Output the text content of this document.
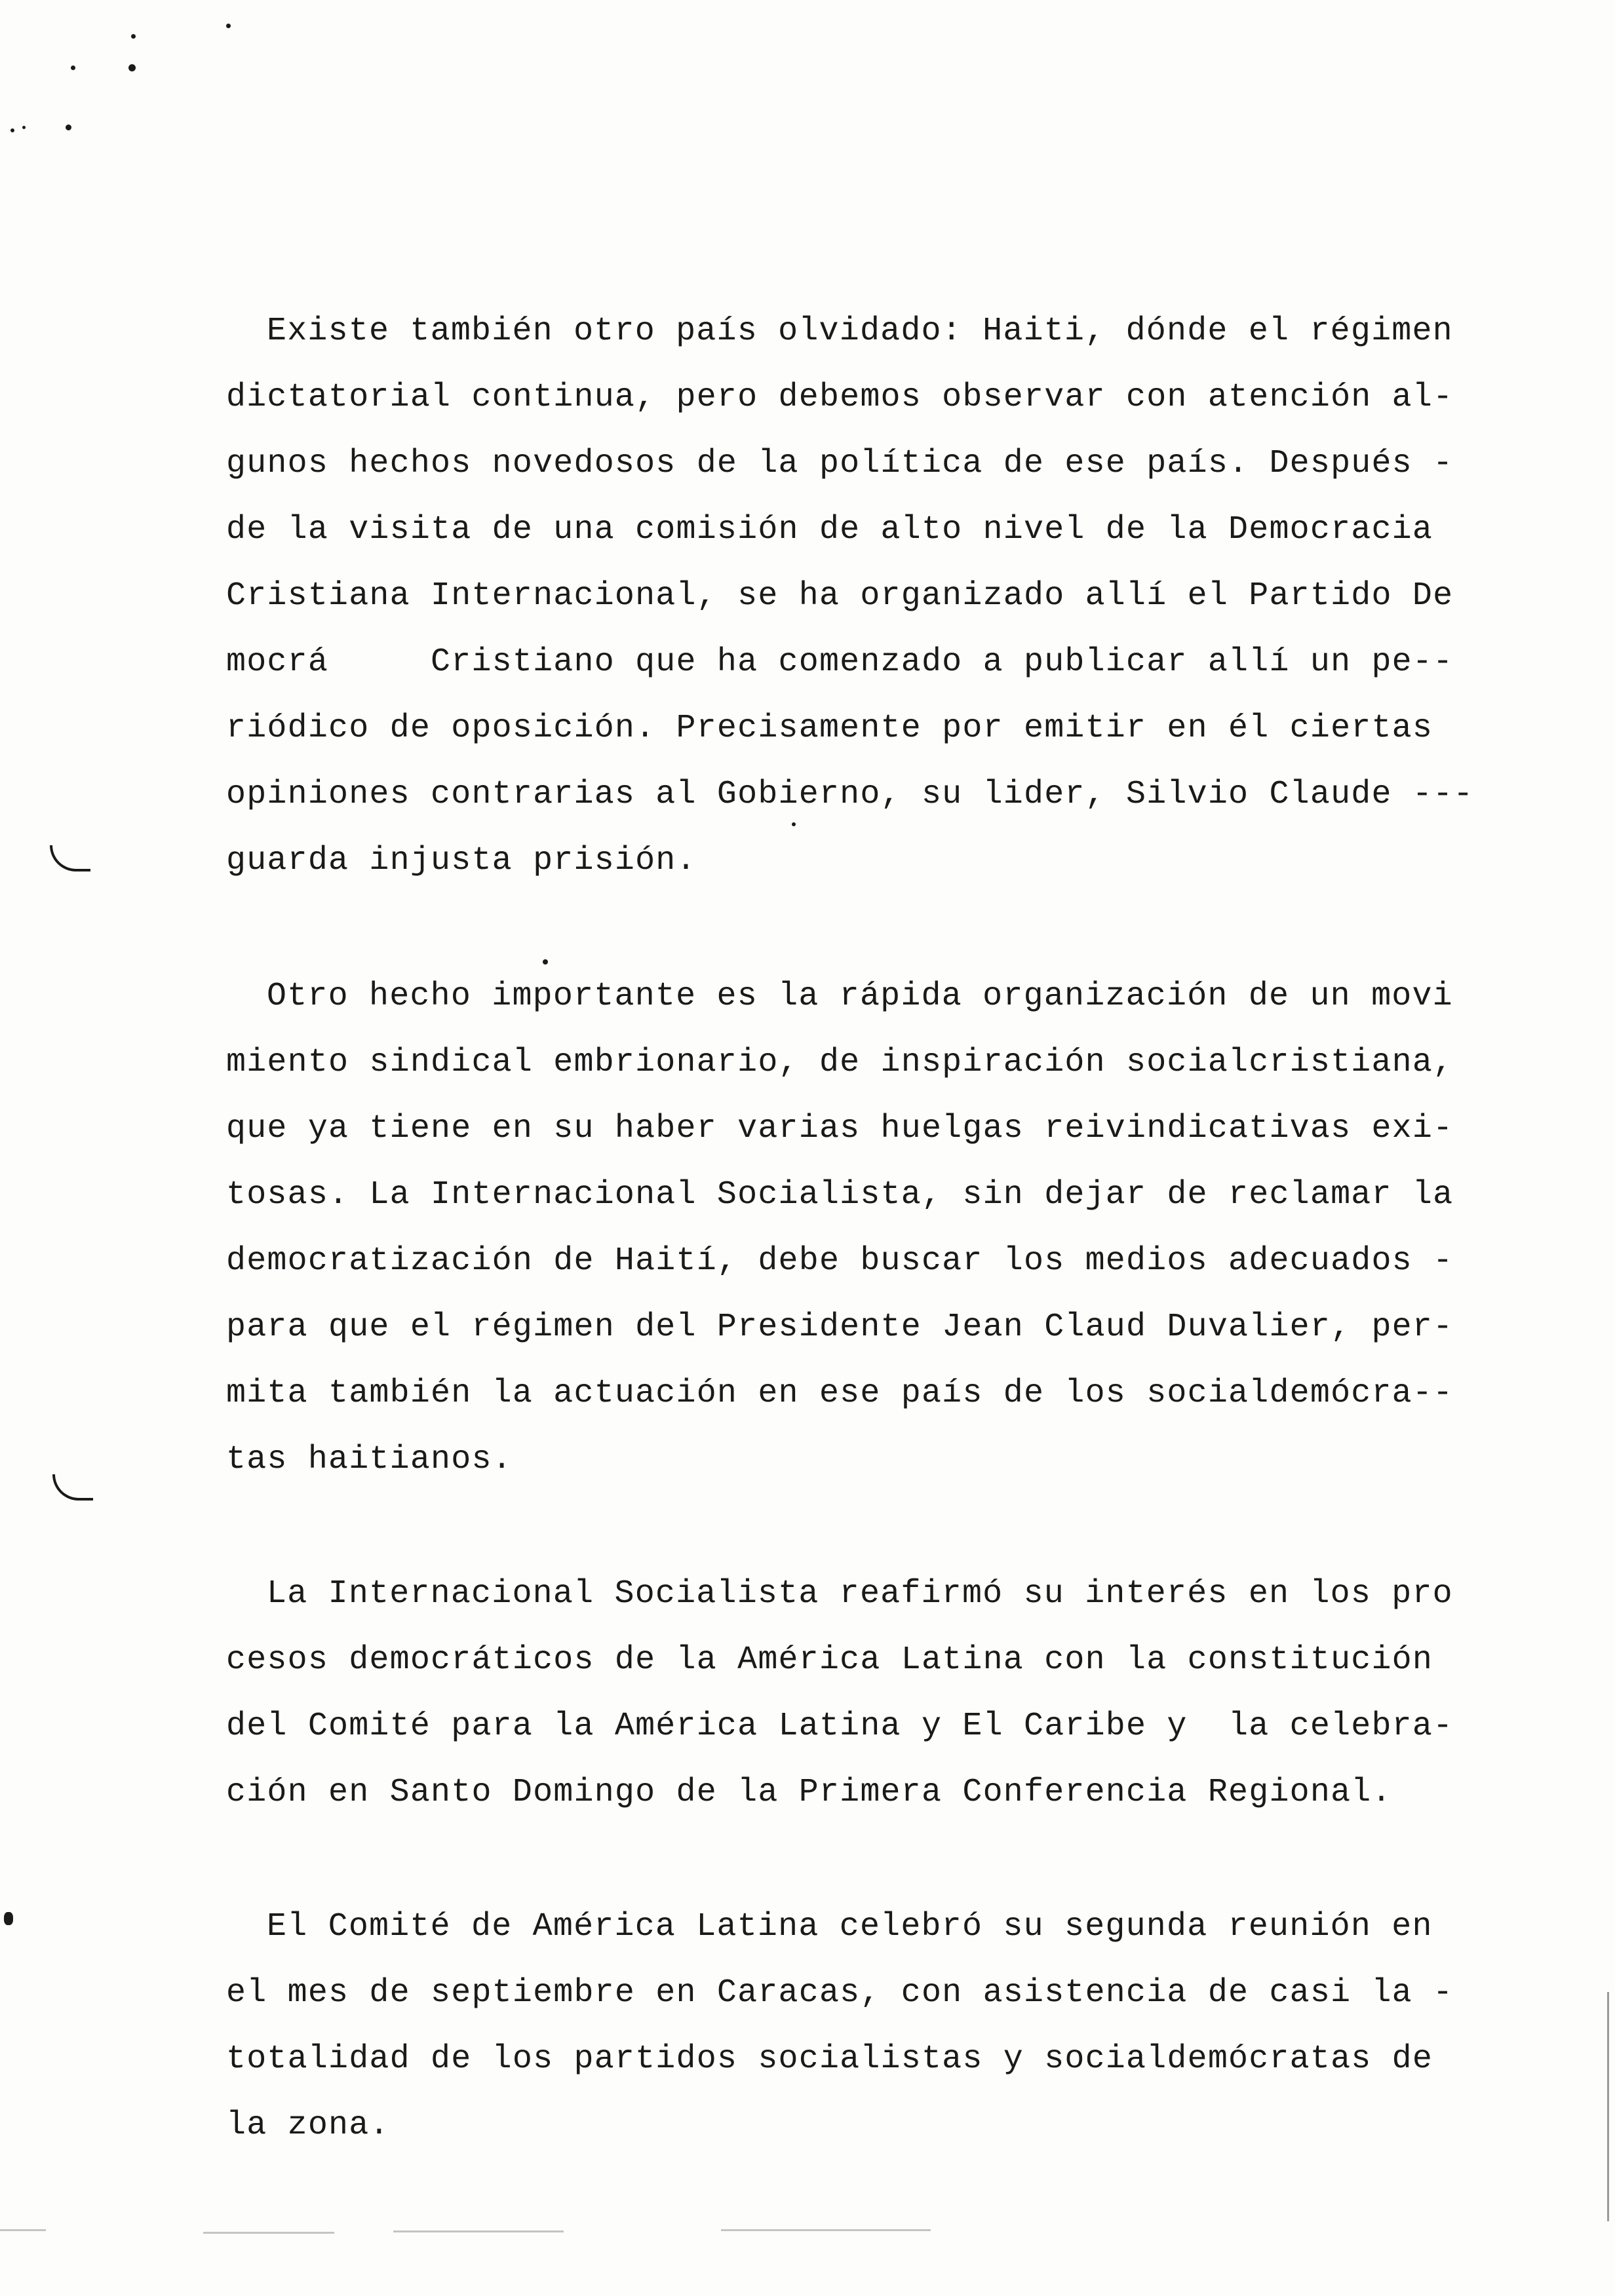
Existe también otro país olvidado: Haiti, dónde el régimen
dictatorial continua, pero debemos observar con atención al-
gunos hechos novedosos de la política de ese país. Después -
de la visita de una comisión de alto nivel de la Democracia
Cristiana Internacional, se ha organizado allí el Partido De
mocrá     Cristiano que ha comenzado a publicar allí un pe--
riódico de oposición. Precisamente por emitir en él ciertas
opiniones contrarias al Gobierno, su lider, Silvio Claude ---
guarda injusta prisión.
Otro hecho importante es la rápida organización de un movi
miento sindical embrionario, de inspiración socialcristiana,
que ya tiene en su haber varias huelgas reivindicativas exi-
tosas. La Internacional Socialista, sin dejar de reclamar la
democratización de Haití, debe buscar los medios adecuados -
para que el régimen del Presidente Jean Claud Duvalier, per-
mita también la actuación en ese país de los socialdemócra--
tas haitianos.
La Internacional Socialista reafirmó su interés en los pro
cesos democráticos de la América Latina con la constitución
del Comité para la América Latina y El Caribe y  la celebra-
ción en Santo Domingo de la Primera Conferencia Regional.
El Comité de América Latina celebró su segunda reunión en
el mes de septiembre en Caracas, con asistencia de casi la -
totalidad de los partidos socialistas y socialdemócratas de
la zona.
